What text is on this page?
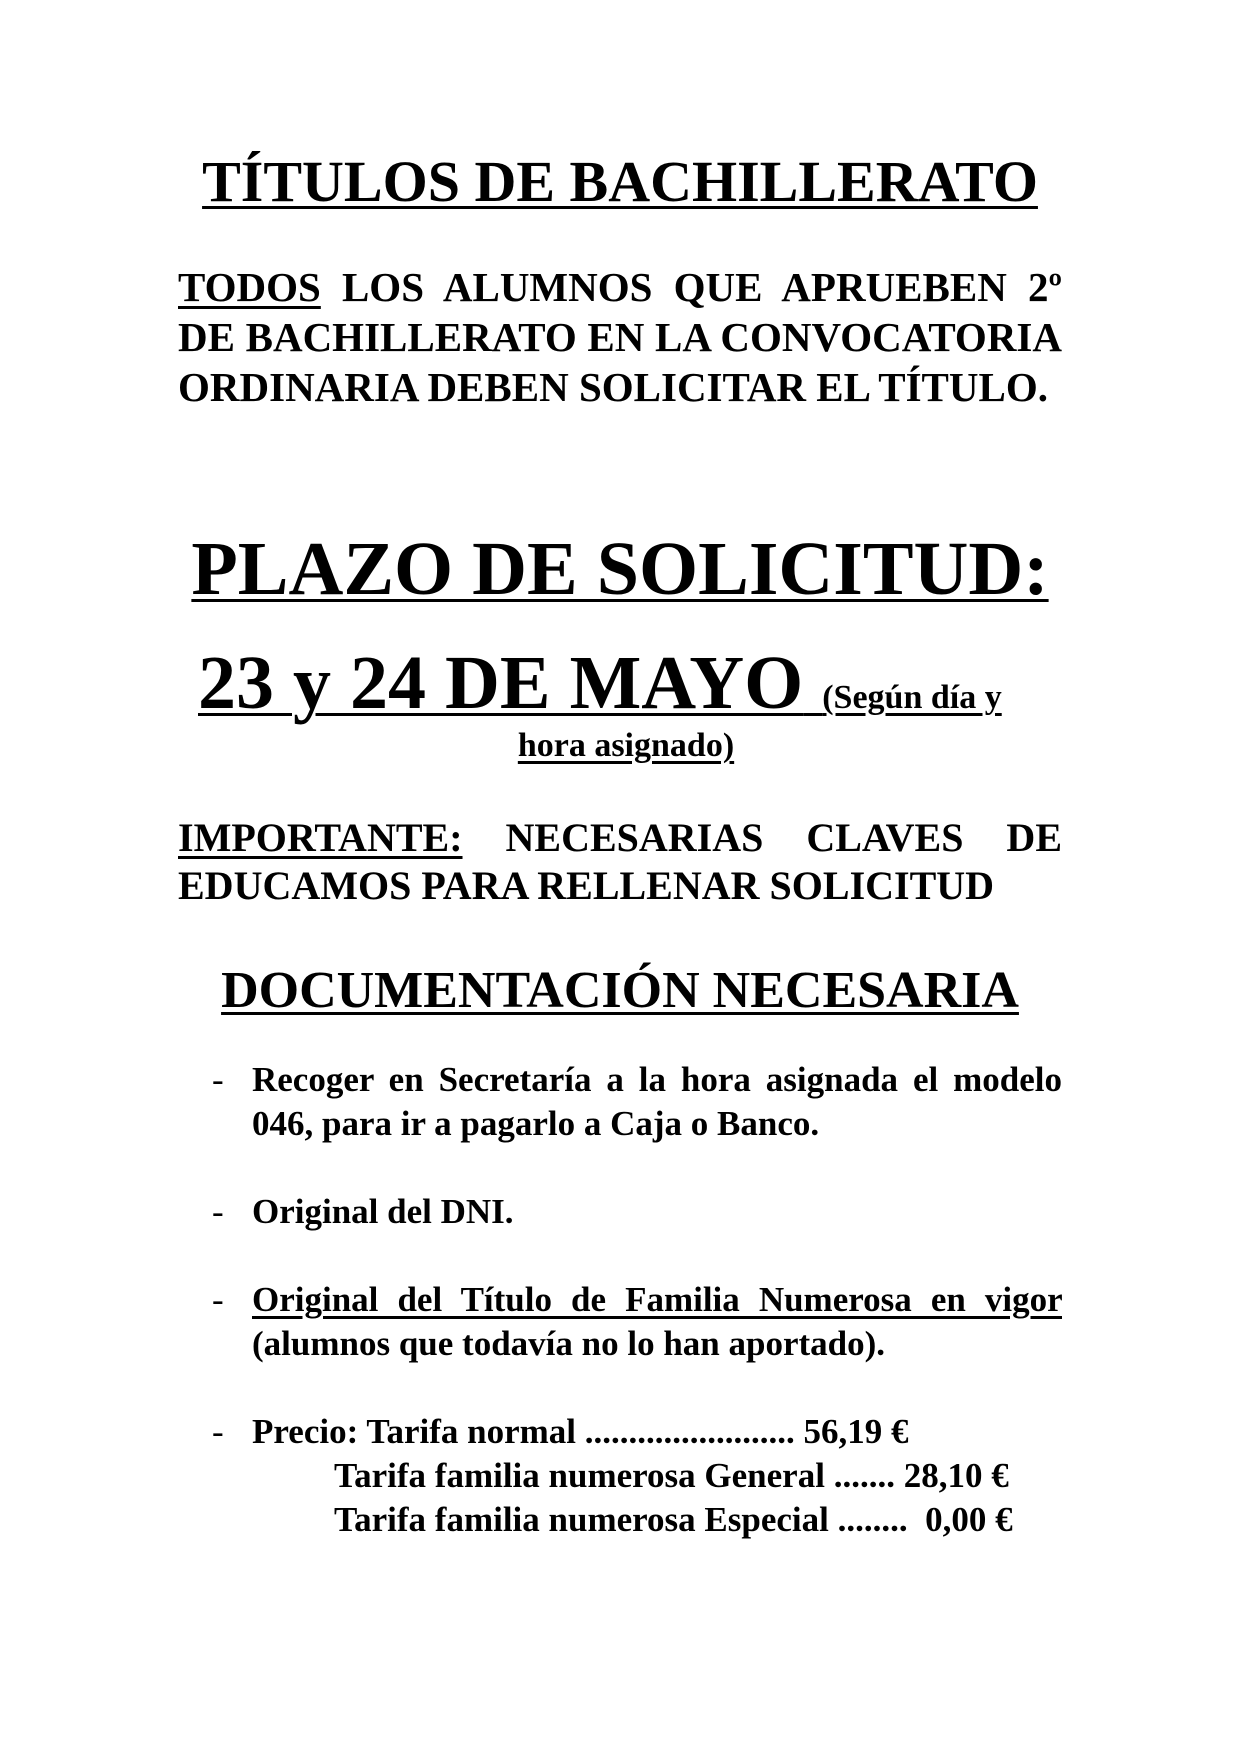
TÍTULOS DE BACHILLERATO
TODOS LOS ALUMNOS QUE APRUEBEN 2º DE BACHILLERATO EN LA CONVOCATORIA ORDINARIA DEBEN SOLICITAR EL TÍTULO.
PLAZO DE SOLICITUD:
23 y 24 DE MAYO (Según día y
hora asignado)
IMPORTANTE: NECESARIAS CLAVES DE EDUCAMOS PARA RELLENAR SOLICITUD
DOCUMENTACIÓN NECESARIA
- Recoger en Secretaría a la hora asignada el modelo 046, para ir a pagarlo a Caja o Banco.
- Original del DNI.
- Original del Título de Familia Numerosa en vigor (alumnos que todavía no lo han aportado).
- Precio: Tarifa normal ........................ 56,19 €
Tarifa familia numerosa General ....... 28,10 €
Tarifa familia numerosa Especial ........  0,00 €
